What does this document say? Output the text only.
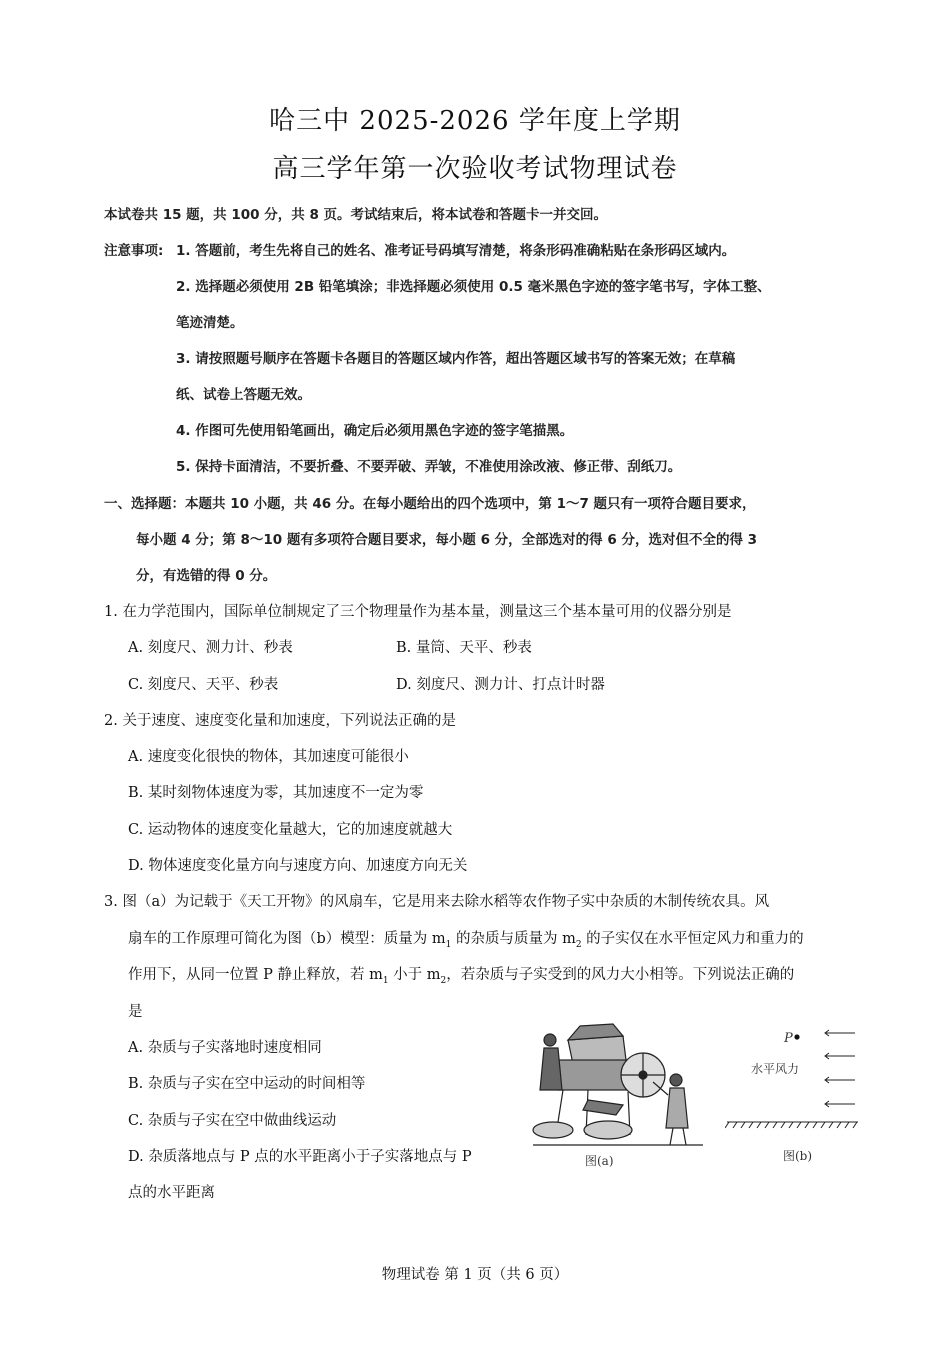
哈三中 2025-2026 学年度上学期
高三学年第一次验收考试物理试卷
本试卷共 15 题，共 100 分，共 8 页。考试结束后，将本试卷和答题卡一并交回。
注意事项: 1. 答题前，考生先将自己的姓名、准考证号码填写清楚，将条形码准确粘贴在条形码区域内。
2. 选择题必须使用 2B 铅笔填涂；非选择题必须使用 0.5 毫米黑色字迹的签字笔书写，字体工整、
笔迹清楚。
3. 请按照题号顺序在答题卡各题目的答题区域内作答，超出答题区域书写的答案无效；在草稿
纸、试卷上答题无效。
4. 作图可先使用铅笔画出，确定后必须用黑色字迹的签字笔描黑。
5. 保持卡面清洁，不要折叠、不要弄破、弄皱，不准使用涂改液、修正带、刮纸刀。
一、选择题：本题共 10 小题，共 46 分。在每小题给出的四个选项中，第 1～7 题只有一项符合题目要求，
每小题 4 分；第 8～10 题有多项符合题目要求，每小题 6 分，全部选对的得 6 分，选对但不全的得 3
分，有选错的得 0 分。
1. 在力学范围内，国际单位制规定了三个物理量作为基本量，测量这三个基本量可用的仪器分别是
A. 刻度尺、测力计、秒表	B. 量筒、天平、秒表
C. 刻度尺、天平、秒表	D. 刻度尺、测力计、打点计时器
2. 关于速度、速度变化量和加速度，下列说法正确的是
A. 速度变化很快的物体，其加速度可能很小
B. 某时刻物体速度为零，其加速度不一定为零
C. 运动物体的速度变化量越大，它的加速度就越大
D. 物体速度变化量方向与速度方向、加速度方向无关
3. 图（a）为记载于《天工开物》的风扇车，它是用来去除水稻等农作物子实中杂质的木制传统农具。风
扇车的工作原理可简化为图（b）模型：质量为 $m_1$ 的杂质与质量为 $m_2$ 的子实仅在水平恒定风力和重力的
作用下，从同一位置 P 静止释放，若 $m_1$ 小于 $m_2$，若杂质与子实受到的风力大小相等。下列说法正确的
是
A. 杂质与子实落地时速度相同
B. 杂质与子实在空中运动的时间相等
C. 杂质与子实在空中做曲线运动
D. 杂质落地点与 P 点的水平距离小于子实落地点与 P
点的水平距离
图(a)
P
水平风力
图(b)
物理试卷 第 1 页（共 6 页）
